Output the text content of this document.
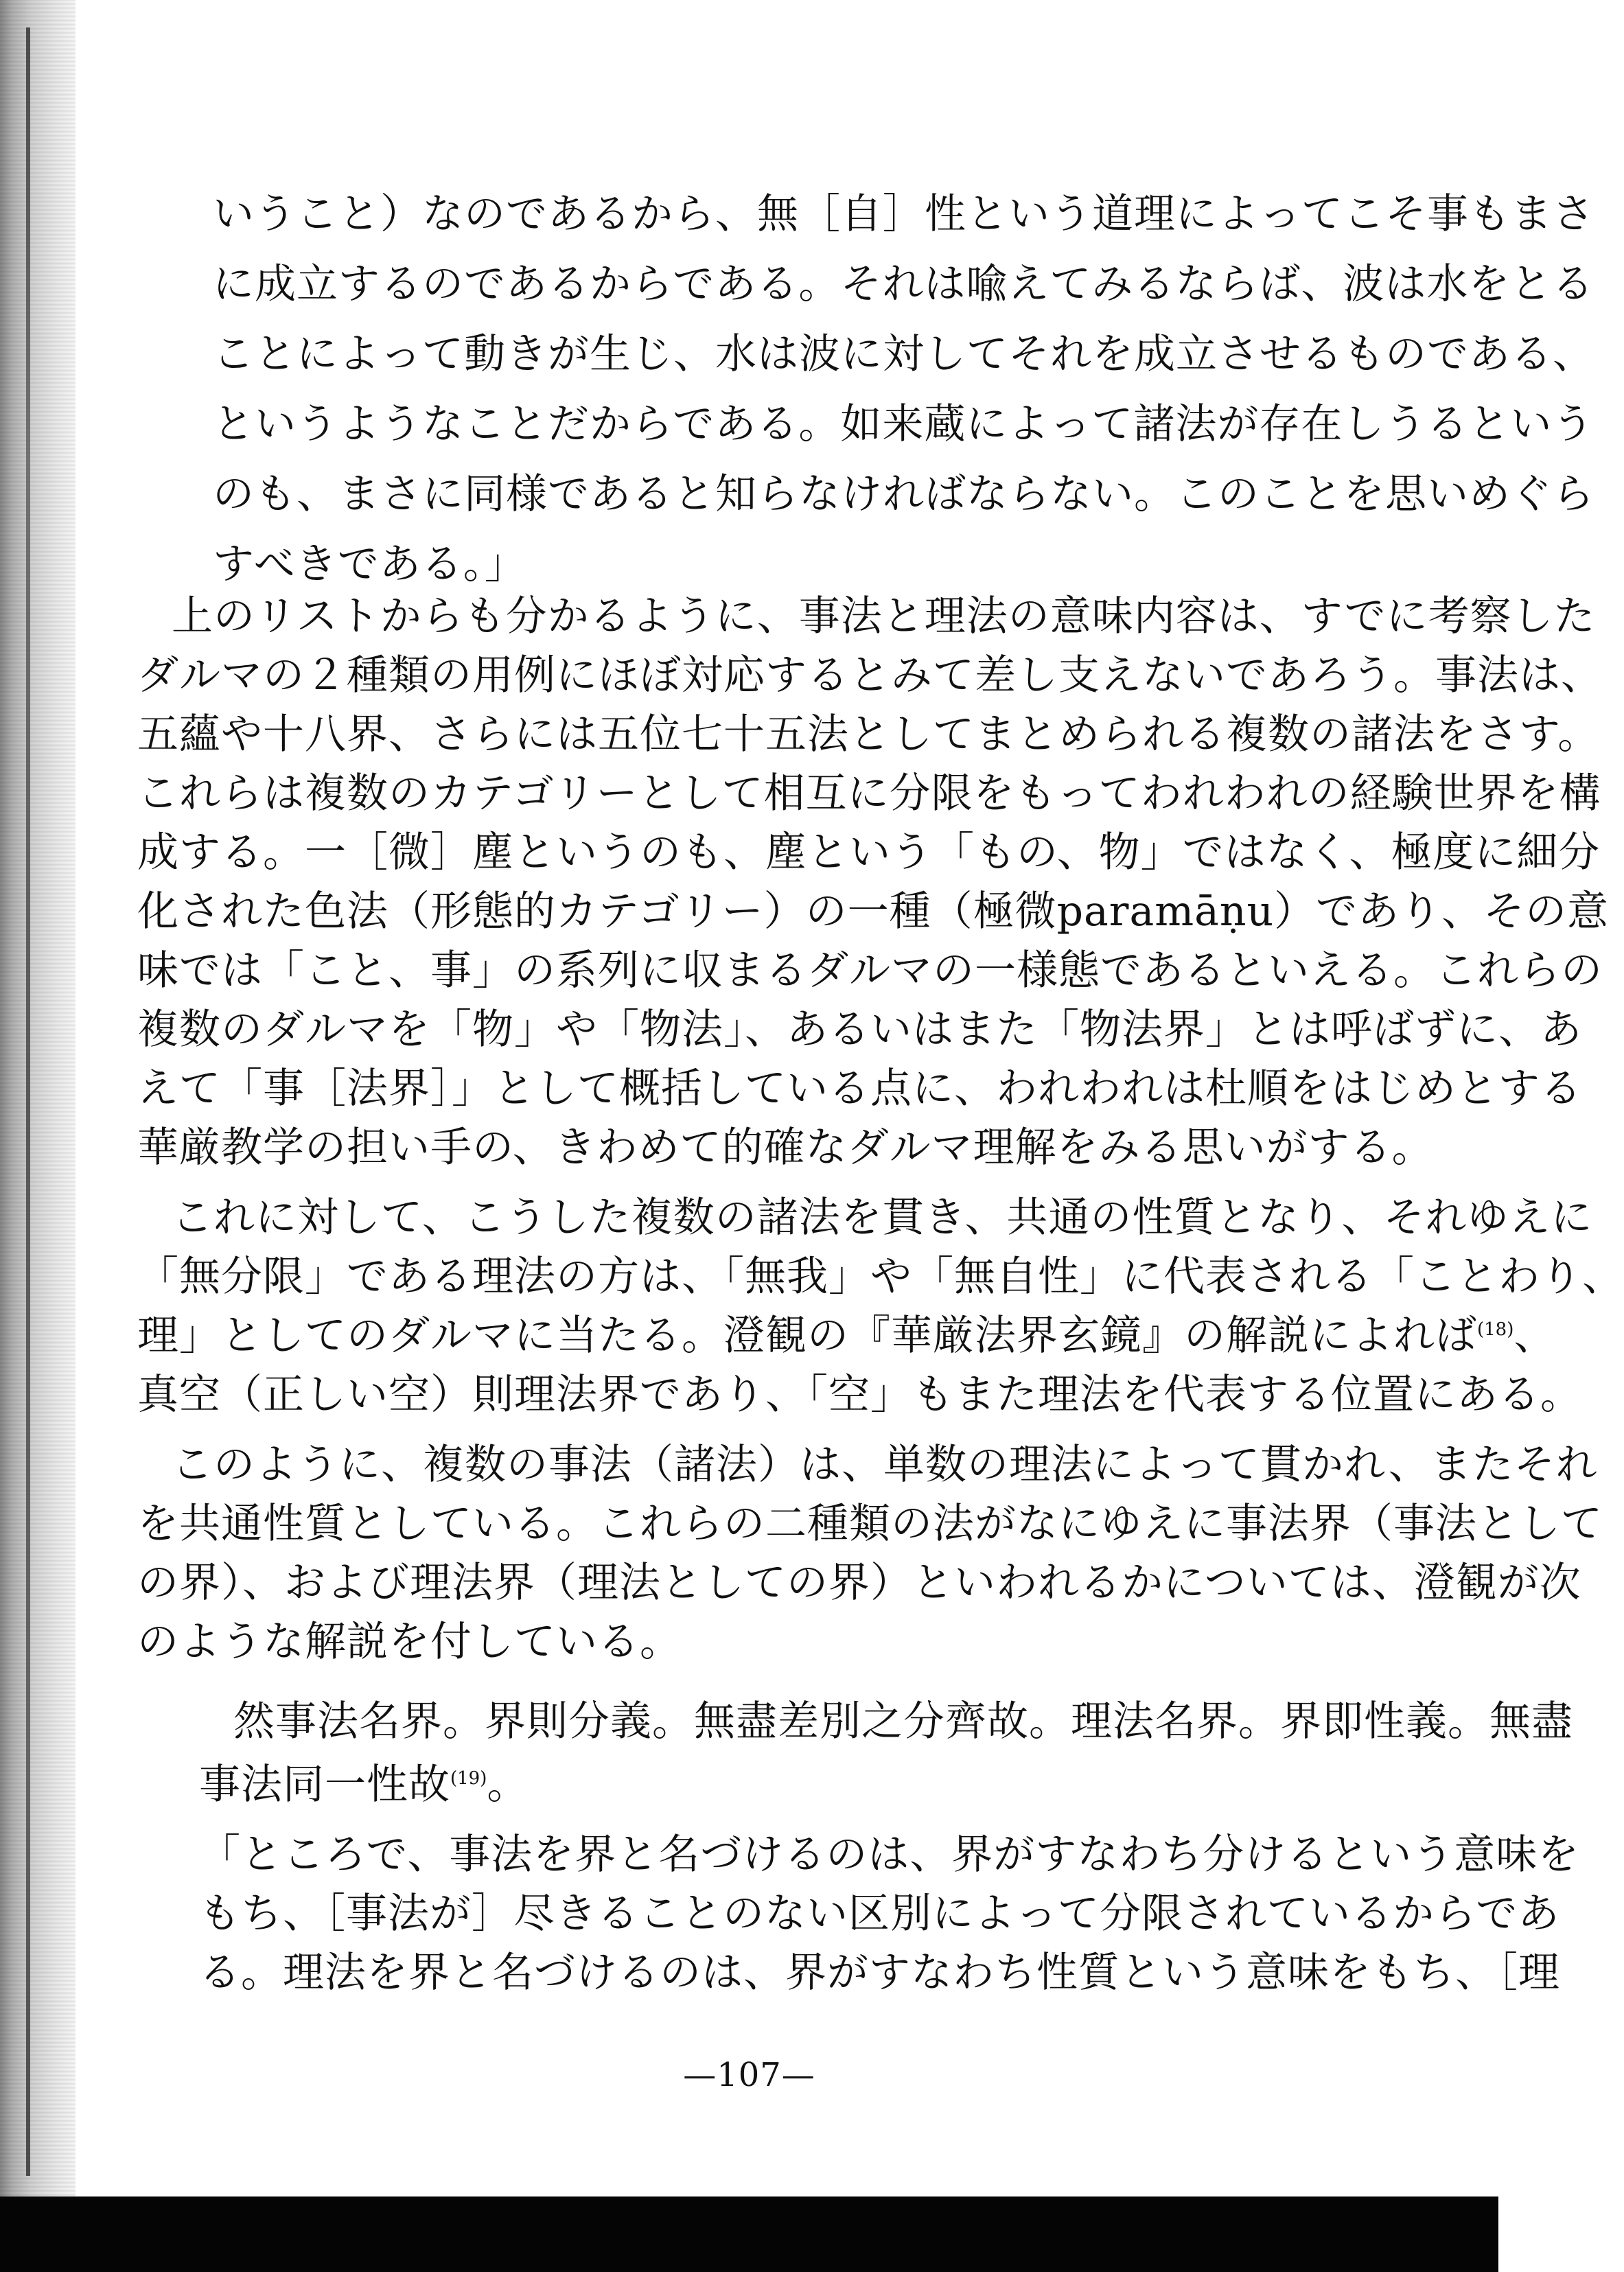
いうこと）なのであるから、無［自］性という道理によってこそ事もまさ
に成立するのであるからである。それは喩えてみるならば、波は水をとる
ことによって動きが生じ、水は波に対してそれを成立させるものである、
というようなことだからである。如来蔵によって諸法が存在しうるという
のも、まさに同様であると知らなければならない。このことを思いめぐら
すべきである。」
上のリストからも分かるように、事法と理法の意味内容は、すでに考察した
ダルマの２種類の用例にほぼ対応するとみて差し支えないであろう。事法は、
五蘊や十八界、さらには五位七十五法としてまとめられる複数の諸法をさす。
これらは複数のカテゴリーとして相互に分限をもってわれわれの経験世界を構
成する。一［微］塵というのも、塵という「もの、物」ではなく、極度に細分
化された色法（形態的カテゴリー）の一種（極微paramāṇu）であり、その意
味では「こと、事」の系列に収まるダルマの一様態であるといえる。これらの
複数のダルマを「物」や「物法」、あるいはまた「物法界」とは呼ばずに、あ
えて「事［法界］」として概括している点に、われわれは杜順をはじめとする
華厳教学の担い手の、きわめて的確なダルマ理解をみる思いがする。
これに対して、こうした複数の諸法を貫き、共通の性質となり、それゆえに
「無分限」である理法の方は、「無我」や「無自性」に代表される「ことわり、
理」としてのダルマに当たる。澄観の『華厳法界玄鏡』の解説によれば$^{(18)}$、
真空（正しい空）則理法界であり、「空」もまた理法を代表する位置にある。
このように、複数の事法（諸法）は、単数の理法によって貫かれ、またそれ
を共通性質としている。これらの二種類の法がなにゆえに事法界（事法として
の界）、および理法界（理法としての界）といわれるかについては、澄観が次
のような解説を付している。
然事法名界。界則分義。無盡差別之分齊故。理法名界。界即性義。無盡
事法同一性故$^{(19)}$。
「ところで、事法を界と名づけるのは、界がすなわち分けるという意味を
もち、［事法が］尽きることのない区別によって分限されているからであ
る。理法を界と名づけるのは、界がすなわち性質という意味をもち、［理
—107—
